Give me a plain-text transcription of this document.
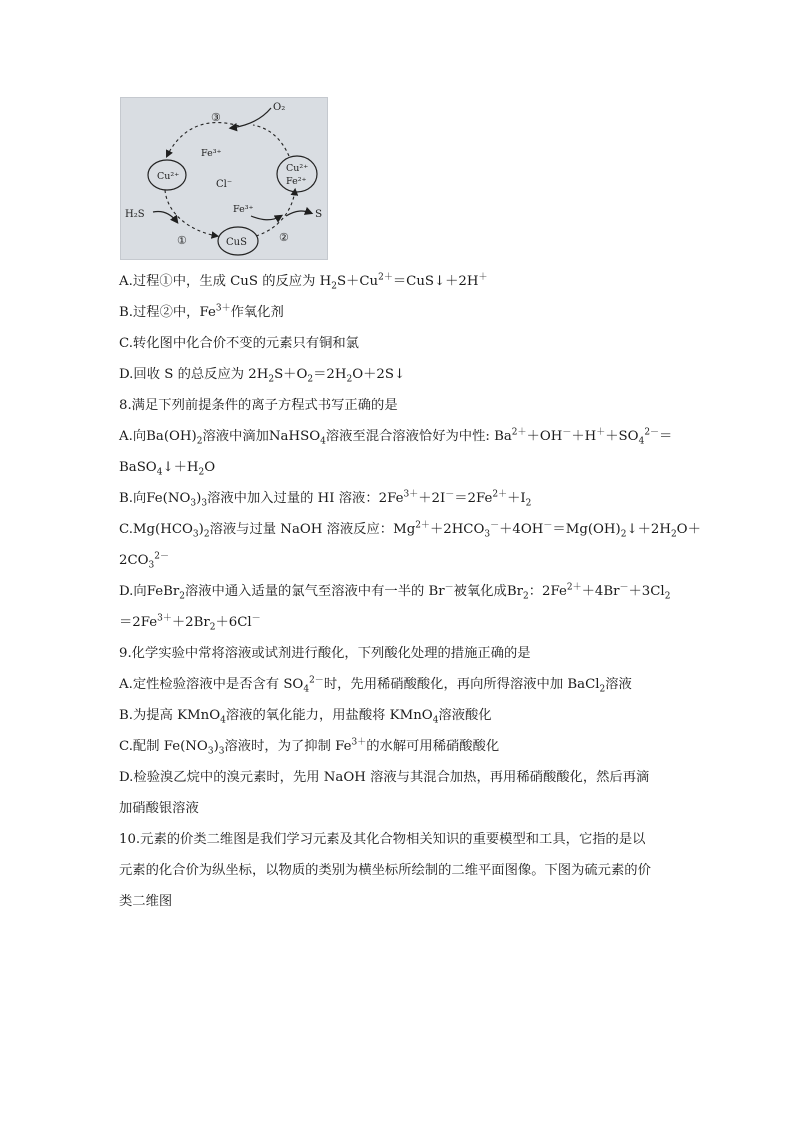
O₂
③
Fe³⁺
Cu²⁺
Cl⁻
Cu²⁺
Fe²⁺
H₂S	Fe³⁺	S
①	CuS	②
A.过程①中，生成 CuS 的反应为 $H_2S+Cu^{2+}=CuS↓+2H^+$
B.过程②中，$Fe^{3+}$作氧化剂
C.转化图中化合价不变的元素只有铜和氯
D.回收 S 的总反应为 $2H_2S+O_2=2H_2O+2S↓$
8.满足下列前提条件的离子方程式书写正确的是
A.向$Ba(OH)_2$溶液中滴加NaHSO$_4$溶液至混合溶液恰好为中性: $Ba^{2+}+OH^-+H^++SO_4^{2-}=$
$BaSO_4↓+H_2O$
B.向$Fe(NO_3)_3$溶液中加入过量的 HI 溶液：$2Fe^{3+}+2I^-=2Fe^{2+}+I_2$
$C.Mg(HCO_3)_2$溶液与过量 NaOH 溶液反应：$Mg^{2+}+2HCO_3^-+4OH^-=Mg(OH)_2↓+2H_2O+$
$2CO_3^{2-}$
D.向FeBr$_2$溶液中通入适量的氯气至溶液中有一半的 Br－被氧化成$Br_2$：$2Fe^{2+}+4Br^-+3Cl_2$
$=2Fe^{3+}+2Br_2+6Cl^-$
9.化学实验中常将溶液或试剂进行酸化，下列酸化处理的措施正确的是
A.定性检验溶液中是否含有 $SO_4^{2-}$时，先用稀硝酸酸化，再向所得溶液中加 BaCl$_2$溶液
B.为提高 KMnO$_4$溶液的氧化能力，用盐酸将 KMnO$_4$溶液酸化
C.配制 $Fe(NO_3)_3$溶液时，为了抑制 $Fe^{3+}$的水解可用稀硝酸酸化
D.检验溴乙烷中的溴元素时，先用 NaOH 溶液与其混合加热，再用稀硝酸酸化，然后再滴
加硝酸银溶液
10.元素的价类二维图是我们学习元素及其化合物相关知识的重要模型和工具，它指的是以
元素的化合价为纵坐标，以物质的类别为横坐标所绘制的二维平面图像。下图为硫元素的价
类二维图
